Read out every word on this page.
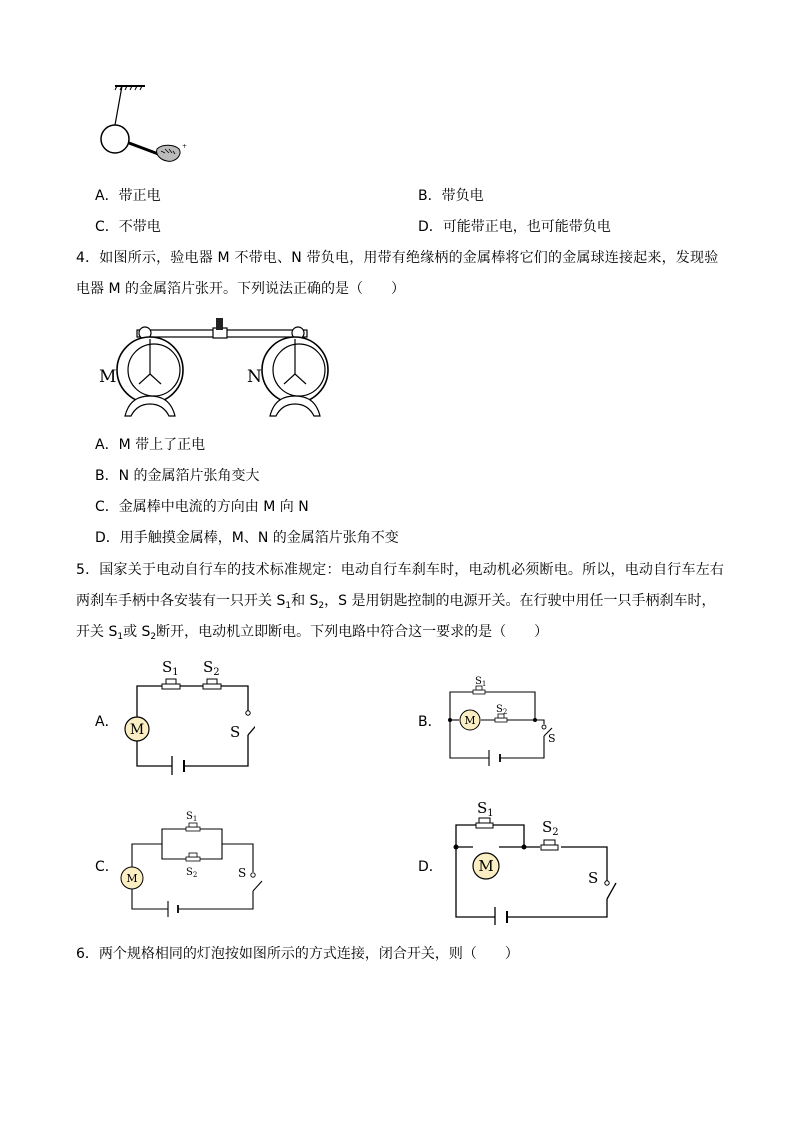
+
A．带正电	B．带负电
C．不带电	D．可能带正电，也可能带负电
4．如图所示，验电器 M 不带电、N 带负电，用带有绝缘柄的金属棒将它们的金属球连接起来，发现验
电器 M 的金属箔片张开。下列说法正确的是（　　）
M	N
A．M 带上了正电
B．N 的金属箔片张角变大
C．金属棒中电流的方向由 M 向 N
D．用手触摸金属棒，M、N 的金属箔片张角不变
5．国家关于电动自行车的技术标准规定：电动自行车刹车时，电动机必须断电。所以，电动自行车左右
两刹车手柄中各安装有一只开关 $S_1$和 $S_2$，S 是用钥匙控制的电源开关。在行驶中用任一只手柄刹车时，
开关 $S_1$或 $S_2$断开，电动机立即断电。下列电路中符合这一要求的是（　　）
A．	B．
C．	D．
M
$S_1$ $S_2$
S
M
$S_1$
$S_2$
S
M
$S_1$
$S_2$	S	M
$S_1$
$S_2$
S
6．两个规格相同的灯泡按如图所示的方式连接，闭合开关，则（　　）
